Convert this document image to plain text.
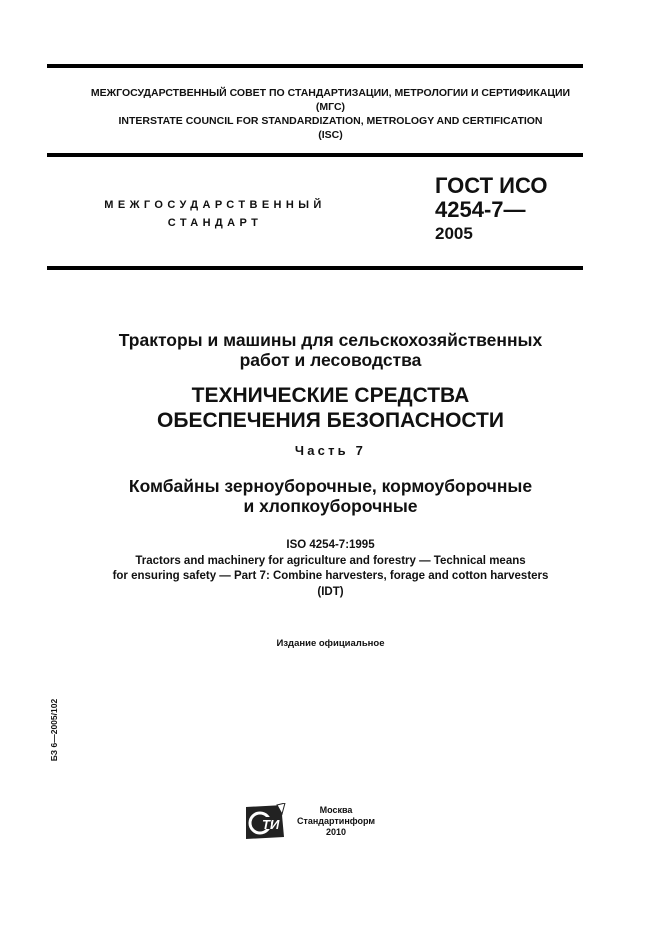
МЕЖГОСУДАРСТВЕННЫЙ СОВЕТ ПО СТАНДАРТИЗАЦИИ, МЕТРОЛОГИИ И СЕРТИФИКАЦИИ
(МГС)
INTERSTATE COUNCIL FOR STANDARDIZATION, METROLOGY AND CERTIFICATION
(ISC)
МЕЖГОСУДАРСТВЕННЫЙ
СТАНДАРТ
ГОСТ ИСО
4254-7—
2005
Тракторы и машины для сельскохозяйственных
работ и лесоводства
ТЕХНИЧЕСКИЕ СРЕДСТВА
ОБЕСПЕЧЕНИЯ БЕЗОПАСНОСТИ
Часть 7
Комбайны зерноуборочные, кормоуборочные
и хлопкоуборочные
ISO 4254-7:1995
Tractors and machinery for agriculture and forestry — Technical means
for ensuring safety — Part 7: Combine harvesters, forage and cotton harvesters
(IDT)
Издание официальное
БЗ 6—2005/102
ТИ
Москва
Стандартинформ
2010
